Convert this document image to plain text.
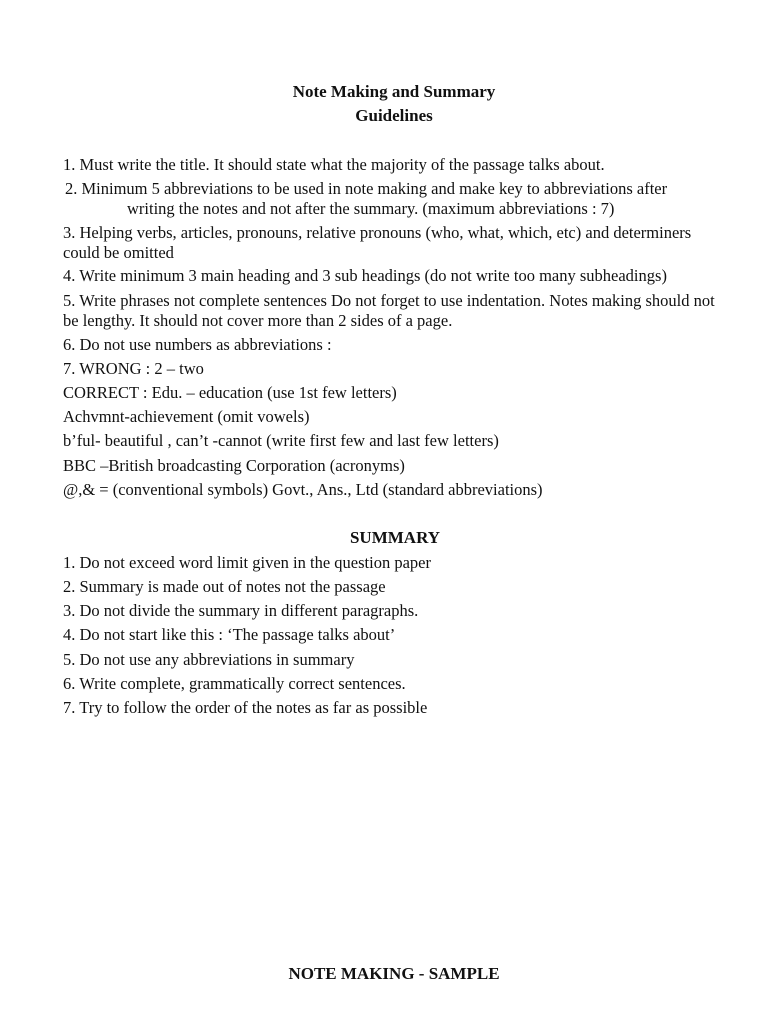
Note Making and Summary
Guidelines
1. Must write the title. It should state what the majority of the passage talks about.
2. Minimum 5 abbreviations to be used in note making and make key to abbreviations after
writing the notes and not after the summary. (maximum abbreviations : 7)
3. Helping verbs, articles, pronouns, relative pronouns (who, what, which, etc) and determiners could be omitted
4. Write minimum 3 main heading and 3 sub headings (do not write too many subheadings)
5. Write phrases not complete sentences Do not forget to use indentation. Notes making should not be lengthy. It should not cover more than 2 sides of a page.
6. Do not use numbers as abbreviations :
7. WRONG : 2 – two
CORRECT : Edu. – education (use 1st few letters)
Achvmnt-achievement (omit vowels)
b’ful- beautiful , can’t -cannot (write first few and last few letters)
BBC –British broadcasting Corporation (acronyms)
@,& = (conventional symbols) Govt., Ans., Ltd (standard abbreviations)
SUMMARY
1. Do not exceed word limit given in the question paper
2. Summary is made out of notes not the passage
3. Do not divide the summary in different paragraphs.
4. Do not start like this : ‘The passage talks about’
5. Do not use any abbreviations in summary
6. Write complete, grammatically correct sentences.
7. Try to follow the order of the notes as far as possible
NOTE MAKING - SAMPLE
